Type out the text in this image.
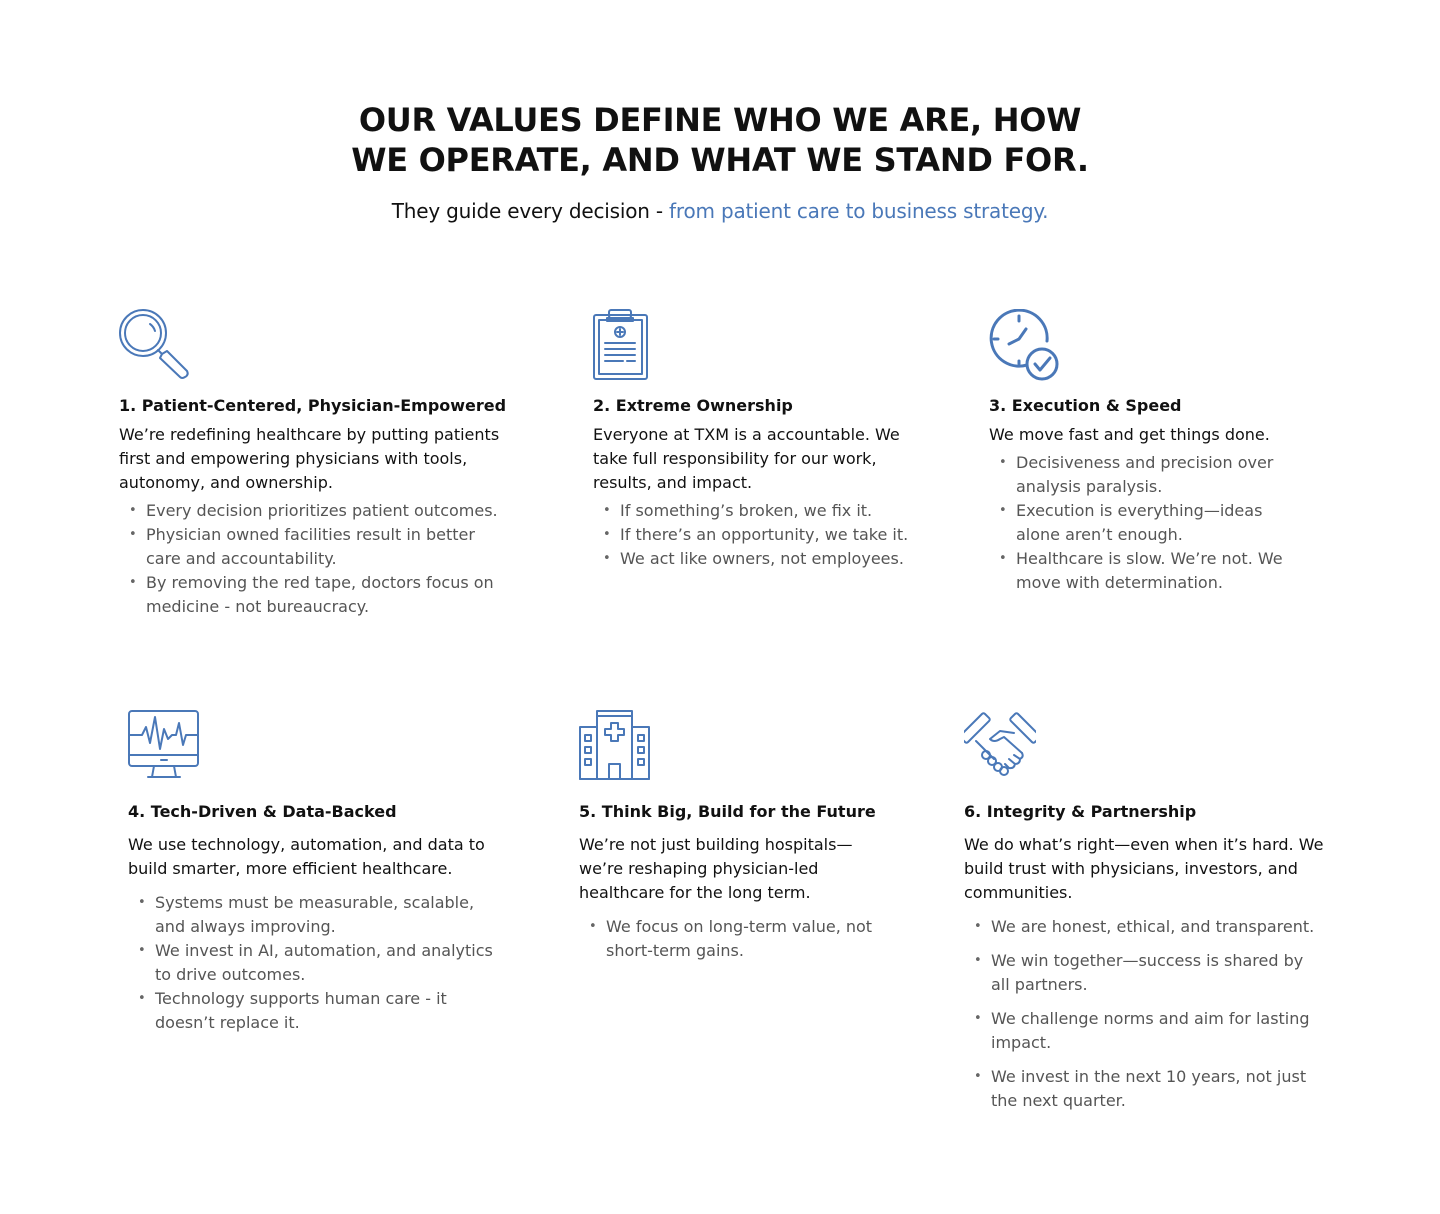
OUR VALUES DEFINE WHO WE ARE, HOW
WE OPERATE, AND WHAT WE STAND FOR.
They guide every decision - from patient care to business strategy.
1. Patient-Centered, Physician-Empowered

We’re redefining healthcare by putting patients first and empowering physicians with tools, autonomy, and ownership.

• Every decision prioritizes patient outcomes.
• Physician owned facilities result in better care and accountability.
• By removing the red tape, doctors focus on medicine - not bureaucracy.
2. Extreme Ownership

Everyone at TXM is a accountable. We take full responsibility for our work, results, and impact.

• If something’s broken, we fix it.
• If there’s an opportunity, we take it.
• We act like owners, not employees.
3. Execution & Speed

We move fast and get things done.

• Decisiveness and precision over analysis paralysis.
• Execution is everything—ideas alone aren’t enough.
• Healthcare is slow. We’re not. We move with determination.
4. Tech-Driven & Data-Backed

We use technology, automation, and data to build smarter, more efficient healthcare.

• Systems must be measurable, scalable, and always improving.
• We invest in AI, automation, and analytics to drive outcomes.
• Technology supports human care - it doesn’t replace it.
5. Think Big, Build for the Future

We’re not just building hospitals—we’re reshaping physician-led healthcare for the long term.

• We focus on long-term value, not short-term gains.
6. Integrity & Partnership

We do what’s right—even when it’s hard. We build trust with physicians, investors, and communities.

• We are honest, ethical, and transparent.
• We win together—success is shared by all partners.
• We challenge norms and aim for lasting impact.
• We invest in the next 10 years, not just the next quarter.
